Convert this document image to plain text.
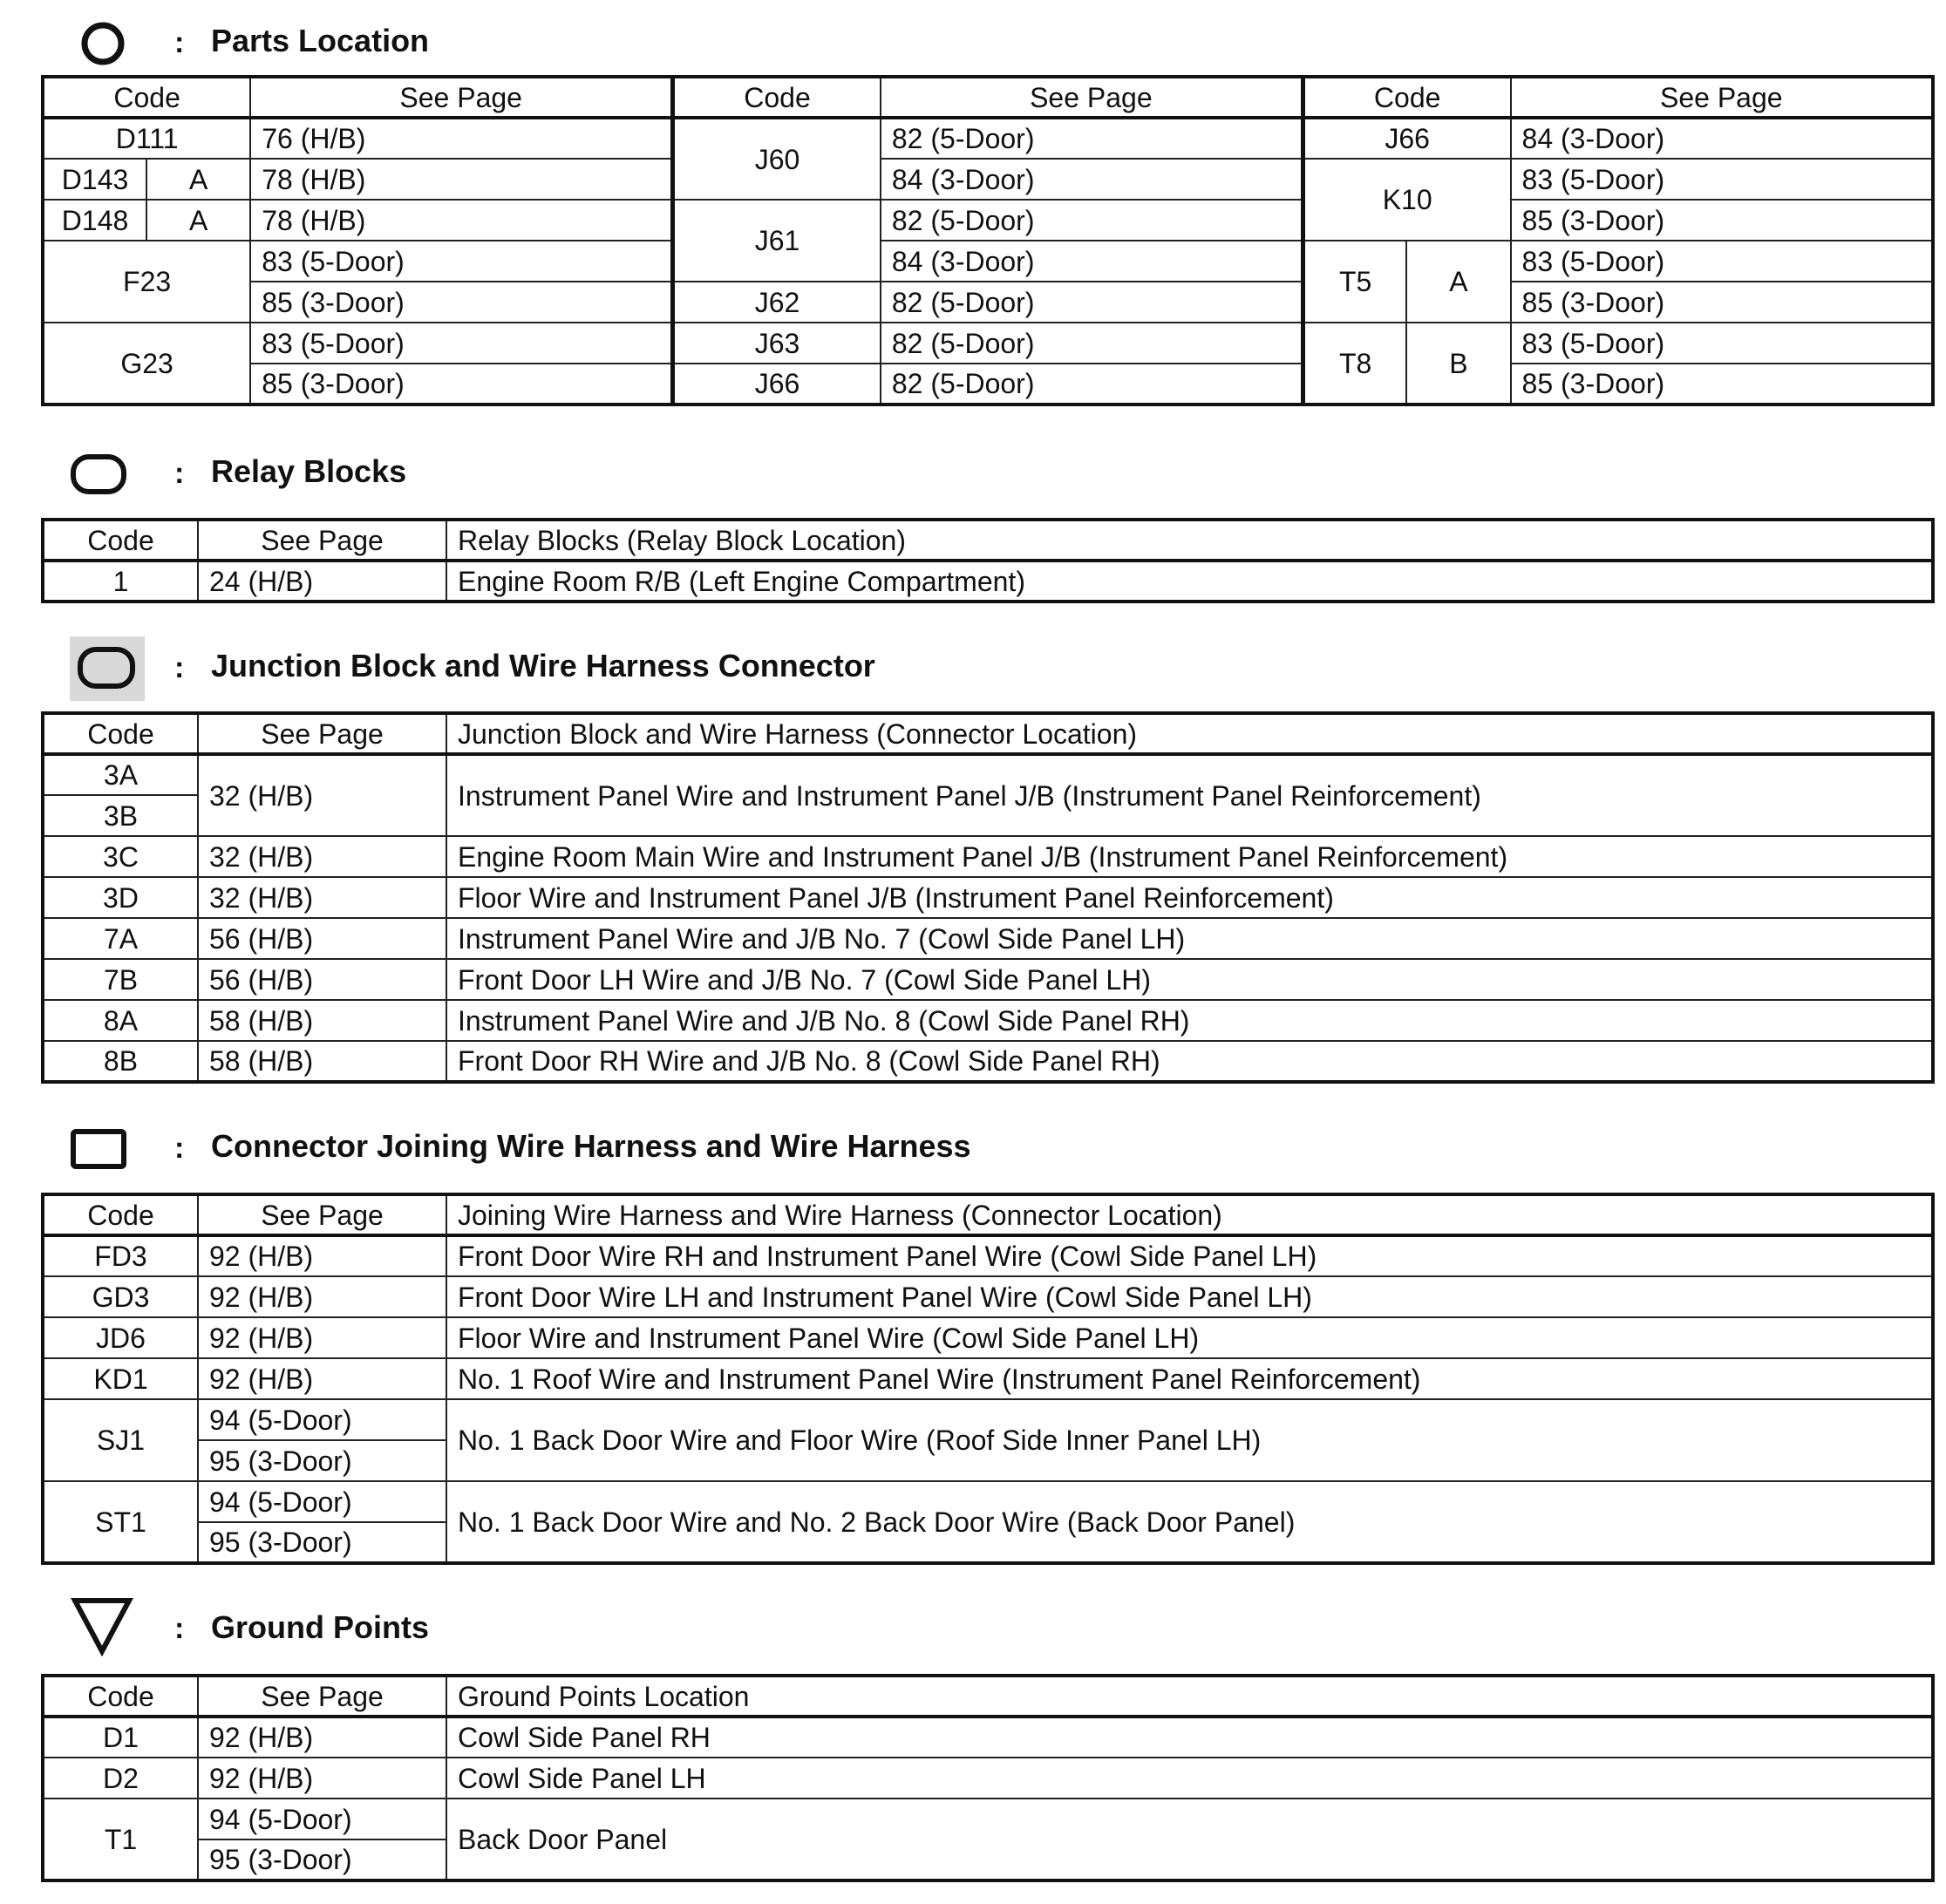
: Parts Location
Code		See Page	Code	See Page	Code		See Page
D111		76 (H/B)	J60	82 (5-Door)	J66		84 (3-Door)
D143	A	78 (H/B)		84 (3-Door)	K10		83 (5-Door)
D148	A	78 (H/B)	J61	82 (5-Door)			85 (3-Door)
F23		83 (5-Door)		84 (3-Door)	T5	A	83 (5-Door)
		85 (3-Door)	J62	82 (5-Door)			85 (3-Door)
G23		83 (5-Door)	J63	82 (5-Door)	T8	B	83 (5-Door)
		85 (3-Door)	J66	82 (5-Door)			85 (3-Door)
: Relay Blocks
Code	See Page	Relay Blocks (Relay Block Location)
1	24 (H/B)	Engine Room R/B (Left Engine Compartment)
: Junction Block and Wire Harness Connector
Code	See Page	Junction Block and Wire Harness (Connector Location)
3A	32 (H/B)	Instrument Panel Wire and Instrument Panel J/B (Instrument Panel Reinforcement)
3B		
3C	32 (H/B)	Engine Room Main Wire and Instrument Panel J/B (Instrument Panel Reinforcement)
3D	32 (H/B)	Floor Wire and Instrument Panel J/B (Instrument Panel Reinforcement)
7A	56 (H/B)	Instrument Panel Wire and J/B No. 7 (Cowl Side Panel LH)
7B	56 (H/B)	Front Door LH Wire and J/B No. 7 (Cowl Side Panel LH)
8A	58 (H/B)	Instrument Panel Wire and J/B No. 8 (Cowl Side Panel RH)
8B	58 (H/B)	Front Door RH Wire and J/B No. 8 (Cowl Side Panel RH)
: Connector Joining Wire Harness and Wire Harness
Code	See Page	Joining Wire Harness and Wire Harness (Connector Location)
FD3	92 (H/B)	Front Door Wire RH and Instrument Panel Wire (Cowl Side Panel LH)
GD3	92 (H/B)	Front Door Wire LH and Instrument Panel Wire (Cowl Side Panel LH)
JD6	92 (H/B)	Floor Wire and Instrument Panel Wire (Cowl Side Panel LH)
KD1	92 (H/B)	No. 1 Roof Wire and Instrument Panel Wire (Instrument Panel Reinforcement)
SJ1	94 (5-Door)	No. 1 Back Door Wire and Floor Wire (Roof Side Inner Panel LH)
	95 (3-Door)	
ST1	94 (5-Door)	No. 1 Back Door Wire and No. 2 Back Door Wire (Back Door Panel)
	95 (3-Door)	
: Ground Points
Code	See Page	Ground Points Location
D1	92 (H/B)	Cowl Side Panel RH
D2	92 (H/B)	Cowl Side Panel LH
T1	94 (5-Door)	Back Door Panel
	95 (3-Door)	
